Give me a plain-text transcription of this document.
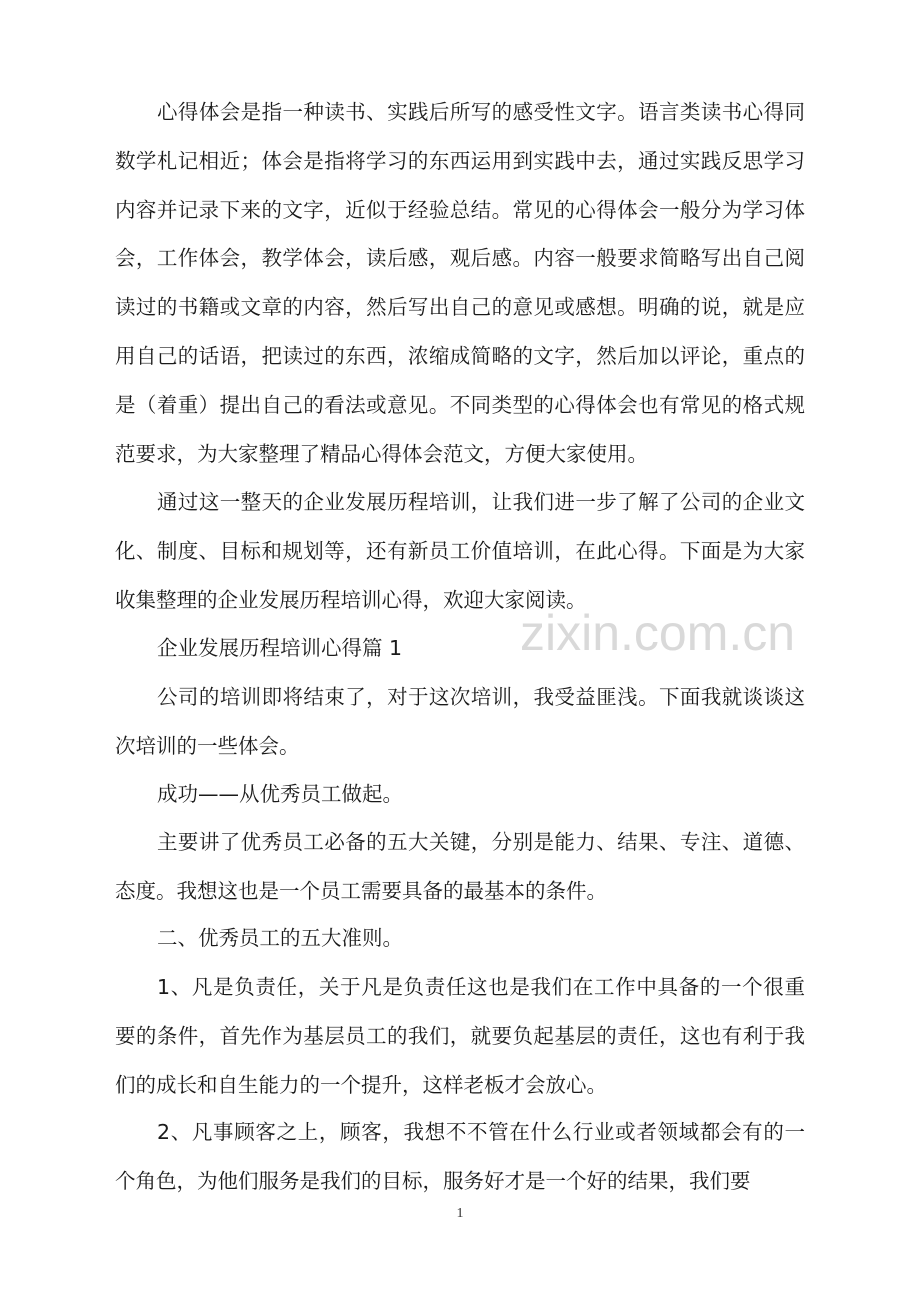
心得体会是指一种读书、实践后所写的感受性文字。语言类读书心得同数学札记相近；体会是指将学习的东西运用到实践中去，通过实践反思学习内容并记录下来的文字，近似于经验总结。常见的心得体会一般分为学习体会，工作体会，教学体会，读后感，观后感。内容一般要求简略写出自己阅读过的书籍或文章的内容，然后写出自己的意见或感想。明确的说，就是应用自己的话语，把读过的东西，浓缩成简略的文字，然后加以评论，重点的是（着重）提出自己的看法或意见。不同类型的心得体会也有常见的格式规范要求，为大家整理了精品心得体会范文，方便大家使用。

通过这一整天的企业发展历程培训，让我们进一步了解了公司的企业文化、制度、目标和规划等，还有新员工价值培训，在此心得。下面是为大家收集整理的企业发展历程培训心得，欢迎大家阅读。

企业发展历程培训心得篇 1

公司的培训即将结束了，对于这次培训，我受益匪浅。下面我就谈谈这次培训的一些体会。

成功——从优秀员工做起。

主要讲了优秀员工必备的五大关键，分别是能力、结果、专注、道德、态度。我想这也是一个员工需要具备的最基本的条件。

二、优秀员工的五大准则。

1、凡是负责任，关于凡是负责任这也是我们在工作中具备的一个很重要的条件，首先作为基层员工的我们，就要负起基层的责任，这也有利于我们的成长和自生能力的一个提升，这样老板才会放心。

2、凡事顾客之上，顾客，我想不不管在什么行业或者领域都会有的一个角色，为他们服务是我们的目标，服务好才是一个好的结果，我们要

zixin.com.cn
1
